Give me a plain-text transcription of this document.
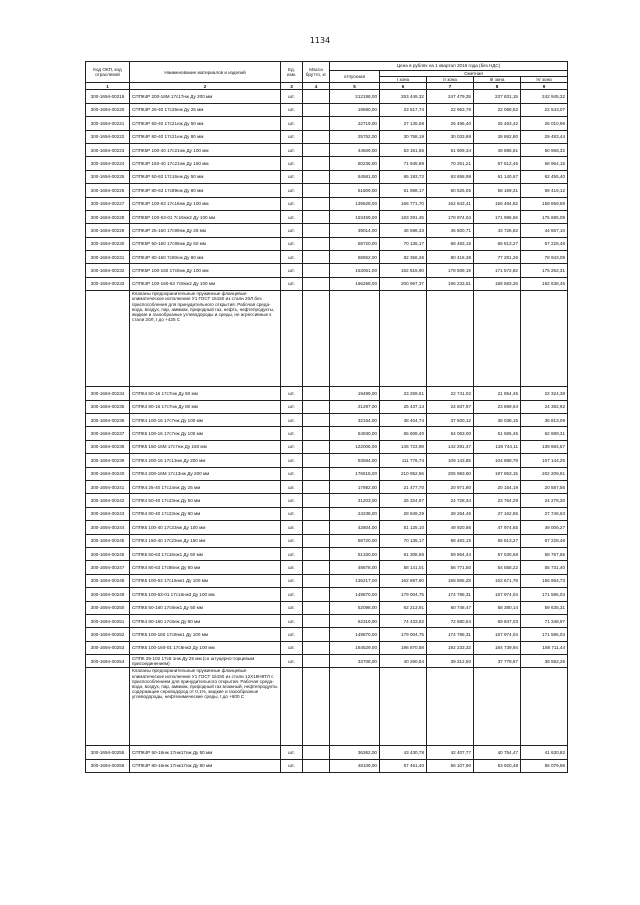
1134
Код ОКП, код отраслевой	Наименование материалов и изделий	Ед. изм.	Масса брутто, кг	Цена в рублях на 1 квартал 2016 года (без НДС)				
				отпускная	Сметная			
					I зона	II зона	III зона	IV зона
1	2	3	4	5	6	7	8	9
300-1694-00219	СППК4Р 200-16М 17с17нж Ду 200 мм	шт.		212188,00	253 449,32	247 479,35	237 831,15	242 945,32
300-1694-00220	СППК4Р 25-40 17с25нж Ду 25 мм	шт.		19680,00	23 517,74	22 963,78	22 068,52	22 543,07
300-1694-00221	СППК4Р 50-40 17с21нж Ду 50 мм	шт.		22719,00	27 135,58	26 496,40	25 463,42	26 010,96
300-1694-00222	СППК4Р 80-40 17с21нж Ду 80 мм	шт.		25752,00	30 758,19	30 033,69	28 862,80	29 483,44
300-1694-00223	СППК5Р 100-40 17с21нж Ду 100 мм	шт.		44509,00	53 161,55	51 909,34	49 885,61	50 958,32
300-1694-00224	СППК4Р 150-40 17с21нж Ду 150 мм	шт.		60236,00	71 945,89	70 251,21	67 512,45	68 964,15
300-1694-00225	СППК4Р 50-63 17с16нж Ду 50 мм	шт.		54581,00	65 193,72	63 658,99	61 140,67	62 455,40
300-1694-00226	СППК4Р 80-63 17с89нж Ду 80 мм	шт.		51809,00	61 988,17	60 526,05	58 169,31	59 419,12
300-1694-00227	СППК4Р 100-63 17с16нж Ду 100 мм	шт.		139628,00	166 771,70	162 843,41	156 494,82	159 859,88
300-1694-00228	СППК5Р 100-63-01 7с16нж2 Ду 100 мм	шт.		153459,00	183 291,45	178 974,04	171 996,56	175 695,09
300-1694-00229	СППК4Р 25-160 17с99нж Ду 25 мм	шт.		39014,00	46 598,33	45 500,71	43 726,82	44 667,10
300-1694-00230	СППК5Р 50-160 17с86нж Ду 50 мм	шт.		58720,00	70 135,17	68 483,15	65 813,27	67 228,48
300-1694-00231	СППК4Р 80-160 7с90нж Ду 80 мм	шт.		68952,00	82 356,26	80 416,38	77 281,26	78 943,09
300-1694-00232	СППК5Р 100-160 17с8нж Ду 100 мм	шт.		153061,00	182 815,90	178 509,19	171 572,82	175 262,31
300-1694-00233	СППК4Р 100-160-63 7с8нж2 Ду 100 мм	шт.		166258,00	200 967,37	196 233,61	188 583,26	192 638,45
	Клапаны предохранительные пружинные фланцевые климатическое исполнение У1 ГОСТ 15150 из стали 20Л без приспособления для принудительного открытия. Рабочая среда-вода, воздух, пар, аммиак, природный газ, нефть, нефтепродукты, жидкие и газообразные углеводороды и среды, не агрессивные к стали 20Л, t до +425 С							
300-1694-00234	СППК4 50-16 17с7нж Ду 50 мм	шт.		19489,00	23 269,61	22 741,02	21 854,45	22 324,38
300-1694-00235	СППК4 80-16 17с7нж Ду 80 мм	шт.		21297,00	25 437,14	24 837,97	23 869,64	24 382,92
300-1694-00236	СППК4 100-16 17с7нж Ду 100 мм	шт.		32154,00	38 404,74	37 500,12	36 038,15	36 813,09
300-1694-00237	СППК5 100-16 17с7нж Ду 100 мм	шт.		54930,00	65 608,40	64 063,00	61 565,45	62 889,31
300-1694-00238	СППК5 150-16М 17с7нж Ду 150 мм	шт.		122006,00	145 723,98	142 291,47	136 744,11	139 684,57
300-1694-00239	СППК4 200-16 17с13нж Ду 200 мм	шт.		93584,00	111 776,74	109 143,85	104 888,79	107 144,25
300-1694-00240	СППК4 200-16М 17с13нж Ду 200 мм	шт.		176618,00	210 952,56	205 983,60	197 953,15	202 209,81
300-1694-00241	СППК4 25-40 17с14нж Ду 25 мм	шт.		17982,00	21 477,70	20 971,80	20 154,19	20 587,56
300-1694-00242	СППК4 50-40 17с23нж Ду 50 мм	шт.		21203,00	25 324,87	24 728,34	23 764,29	24 275,30
300-1694-00243	СППК4 80-40 17с23нж Ду 80 мм	шт.		24238,00	28 949,29	28 264,46	27 162,55	27 746,63
300-1694-00244	СППК5 100-40 17с23нж Ду 100 мм	шт.		42804,00	51 125,10	49 920,86	47 974,65	49 006,27
300-1694-00245	СППК4 150-40 17с23нж Ду 150 мм	шт.		58720,00	70 135,17	68 483,15	65 813,27	67 228,48
300-1694-00246	СППК5 50-63 17с16нж1 Ду 50 мм	шт.		51330,00	61 308,56	59 864,44	57 530,58	58 767,65
300-1694-00247	СППК4 80-63 17с86нж Ду 80 мм	шт.		48678,00	58 141,01	56 771,50	54 558,22	55 731,40
300-1694-00248	СППК5 100-63 17с16нж1 Ду 100 мм	шт.		136217,00	162 697,60	158 865,28	152 671,78	155 954,73
300-1694-00249	СППК5 100-63-01 17с16нж3 Ду 100 мм	шт.		149870,00	179 004,75	174 788,31	167 974,04	171 586,04
300-1694-00250	СППК5 50-160 17с8нж1 Ду 50 мм	шт.		52098,00	62 213,91	60 748,47	58 380,14	59 635,31
300-1694-00251	СППК4 80-160 17с8нж Ду 80 мм	шт.		62319,00	74 433,82	72 680,54	69 847,03	71 348,97
300-1694-00252	СППК5 100-160 17с8нж1 Ду 100 мм	шт.		149870,00	179 004,75	174 788,31	167 974,04	171 586,04
300-1694-00253	СППК5 100-160-01 17с8нж3 Ду 100 мм	шт.		164529,00	196 870,58	192 233,32	184 739,94	188 711,44
300-1694-00254	СППК 25-102 17с8 1нж Ду 25 мм (со штуцерно-торцевым присоединением)	шт.		33708,00	40 260,84	39 312,50	37 779,87	38 592,26
	Клапаны предохранительные пружинные фланцевые климатическое исполнение У1 ГОСТ 15150 из стали 12Х18Н9ТЛ с приспособлением для принудительного открытия. Рабочая среда-вода, воздух, пар, аммиак, природный газ влажный, нефтепродукты содержащие сероводород от 0,1%, жидкие и газообразные углеводороды, нефтехимические среды, t до +600 С							
300-1694-00255	СППК4Р 50-16нж 17нж17нж Ду 50 мм	шт.		36362,00	43 430,78	42 407,77	40 754,47	41 630,82
300-1694-00256	СППК4Р 80-16нж 17нж17нж Ду 80 мм	шт.		48109,00	57 461,40	56 107,90	53 920,48	55 079,96
